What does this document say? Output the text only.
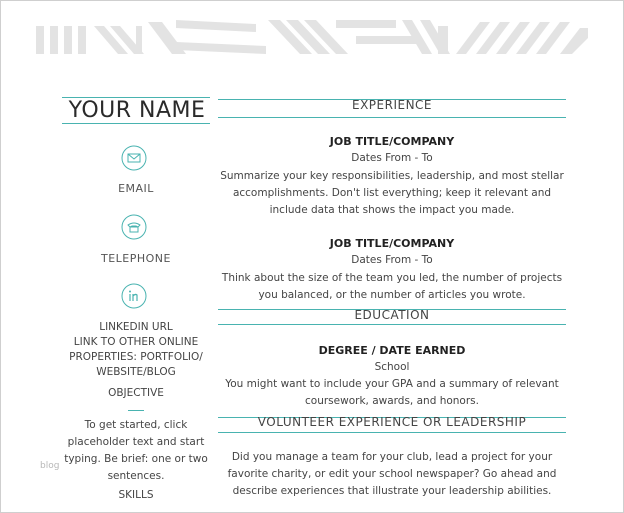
YOUR NAME
EMAIL
TELEPHONE
LINKEDIN URL
LINK TO OTHER ONLINE
PROPERTIES: PORTFOLIO/
WEBSITE/BLOG
OBJECTIVE
To get started, click
placeholder text and start
typing. Be brief: one or two
sentences.
SKILLS
blog
EXPERIENCE
JOB TITLE/COMPANY
Dates From - To
Summarize your key responsibilities, leadership, and most stellar
accomplishments. Don't list everything; keep it relevant and
include data that shows the impact you made.
JOB TITLE/COMPANY
Dates From - To
Think about the size of the team you led, the number of projects
you balanced, or the number of articles you wrote.
EDUCATION
DEGREE / DATE EARNED
School
You might want to include your GPA and a summary of relevant
coursework, awards, and honors.
VOLUNTEER EXPERIENCE OR LEADERSHIP
Did you manage a team for your club, lead a project for your
favorite charity, or edit your school newspaper? Go ahead and
describe experiences that illustrate your leadership abilities.
